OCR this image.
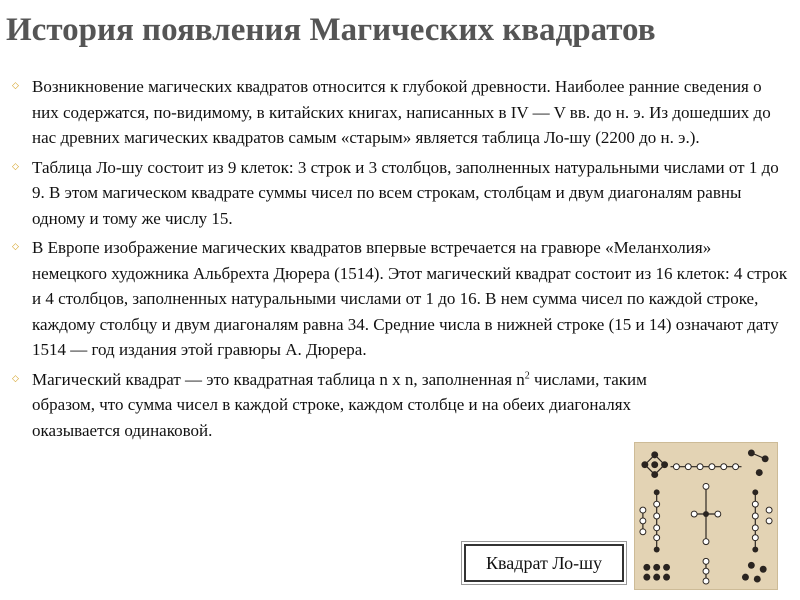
История появления Магических квадратов
◇ Возникновение магических квадратов относится к глубокой древности. Наиболее ранние сведения о них содержатся, по-видимому, в китайских книгах, написанных в IV — V вв. до н. э. Из дошедших до нас древних магических квадратов самым «старым» является таблица Ло-шу (2200 до н. э.).
◇ Таблица Ло-шу состоит из 9 клеток: 3 строк и 3 столбцов, заполненных натуральными числами от 1 до 9. В этом магическом квадрате суммы чисел по всем строкам, столбцам и двум диагоналям равны одному и тому же числу 15.
◇ В Европе изображение магических квадратов впервые встречается на гравюре «Меланхолия» немецкого художника Альбрехта Дюрера (1514). Этот магический квадрат состоит из 16 клеток: 4 строк и 4 столбцов, заполненных натуральными числами от 1 до 16. В нем сумма чисел по каждой строке, каждому столбцу и двум диагоналям равна 34. Средние числа в нижней строке (15 и 14) означают дату 1514 — год издания этой гравюры А. Дюрера.
◇ Магический квадрат — это квадратная таблица n x n, заполненная $n^2$ числами, таким образом, что сумма чисел в каждой строке, каждом столбце и на обеих диагоналях оказывается одинаковой.
Квадрат Ло-шу
